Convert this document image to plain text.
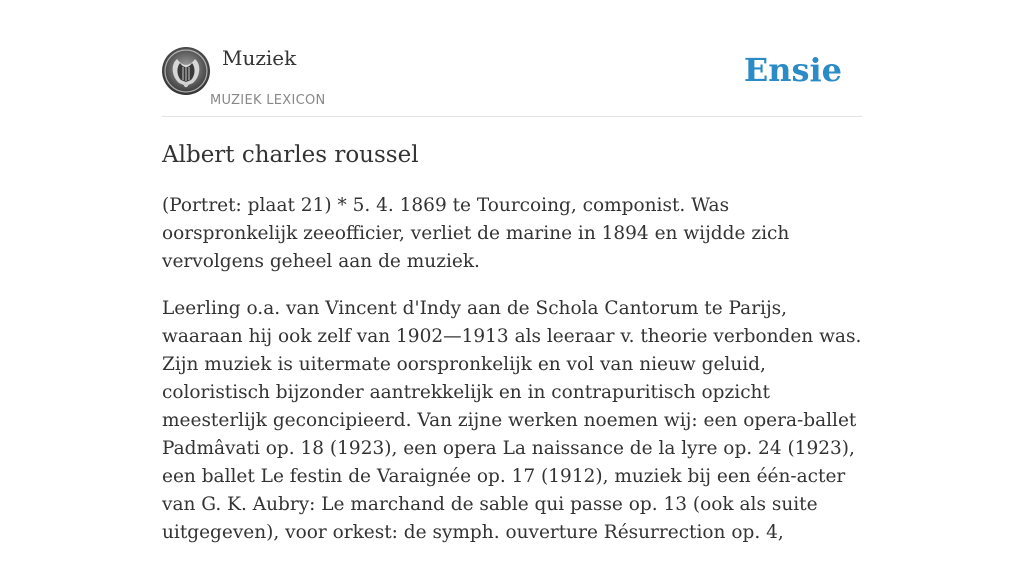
Muziek
MUZIEK LEXICON
Ensie
Albert charles roussel

(Portret: plaat 21) * 5. 4. 1869 te Tourcoing, componist. Was oorspronkelijk zeeofficier, verliet de marine in 1894 en wijdde zich vervolgens geheel aan de muziek.

Leerling o.a. van Vincent d'Indy aan de Schola Cantorum te Parijs, waaraan hij ook zelf van 1902—1913 als leeraar v. theorie verbonden was. Zijn muziek is uitermate oorspronkelijk en vol van nieuw geluid, coloristisch bijzonder aantrekkelijk en in contrapuritisch opzicht meesterlijk geconcipieerd. Van zijne werken noemen wij: een opera-ballet Padmâvati op. 18 (1923), een opera La naissance de la lyre op. 24 (1923), een ballet Le festin de Varaignée op. 17 (1912), muziek bij een één-acter van G. K. Aubry: Le marchand de sable qui passe op. 13 (ook als suite uitgegeven), voor orkest: de symph. ouverture Résurrection op. 4,
